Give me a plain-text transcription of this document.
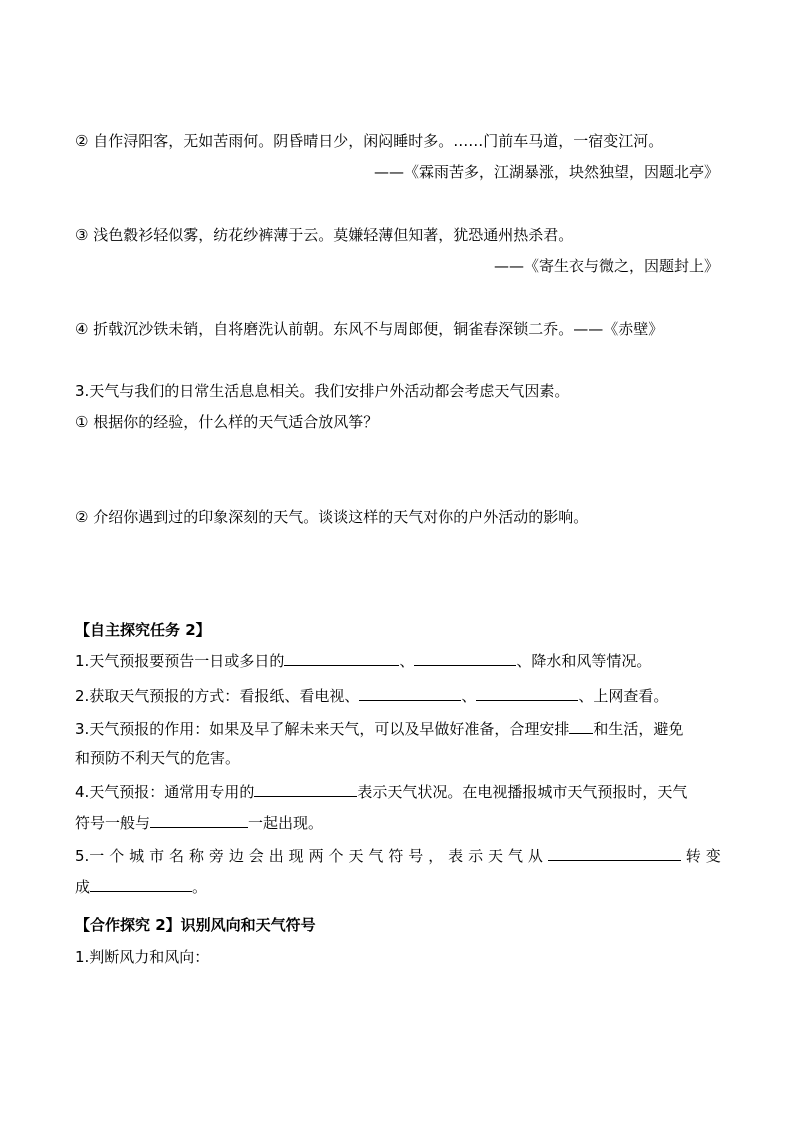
② 自作浔阳客，无如苦雨何。阴昏晴日少，闲闷睡时多。……门前车马道，一宿变江河。
——《霖雨苦多，江湖暴涨，块然独望，因题北亭》
③ 浅色縠衫轻似雾，纺花纱裤薄于云。莫嫌轻薄但知著，犹恐通州热杀君。
——《寄生衣与微之，因题封上》
④ 折戟沉沙铁未销，自将磨洗认前朝。东风不与周郎便，铜雀春深锁二乔。——《赤壁》
3.天气与我们的日常生活息息相关。我们安排户外活动都会考虑天气因素。
① 根据你的经验，什么样的天气适合放风筝？
② 介绍你遇到过的印象深刻的天气。谈谈这样的天气对你的户外活动的影响。
【自主探究任务 2】
1.天气预报要预告一日或多日的	、	、降水和风等情况。
2.获取天气预报的方式：看报纸、看电视、	、	、上网查看。
3.天气预报的作用：如果及早了解未来天气，可以及早做好准备，合理安排 和生活，避免
和预防不利天气的危害。
4.天气预报：通常用专用的	表示天气状况。在电视播报城市天气预报时，天气
符号一般与	一起出现。
5.一 个 城 市 名 称 旁 边 会 出 现 两 个 天 气 符 号 ， 表 示 天 气 从	转 变
成	。
【合作探究 2】识别风向和天气符号
1.判断风力和风向：
